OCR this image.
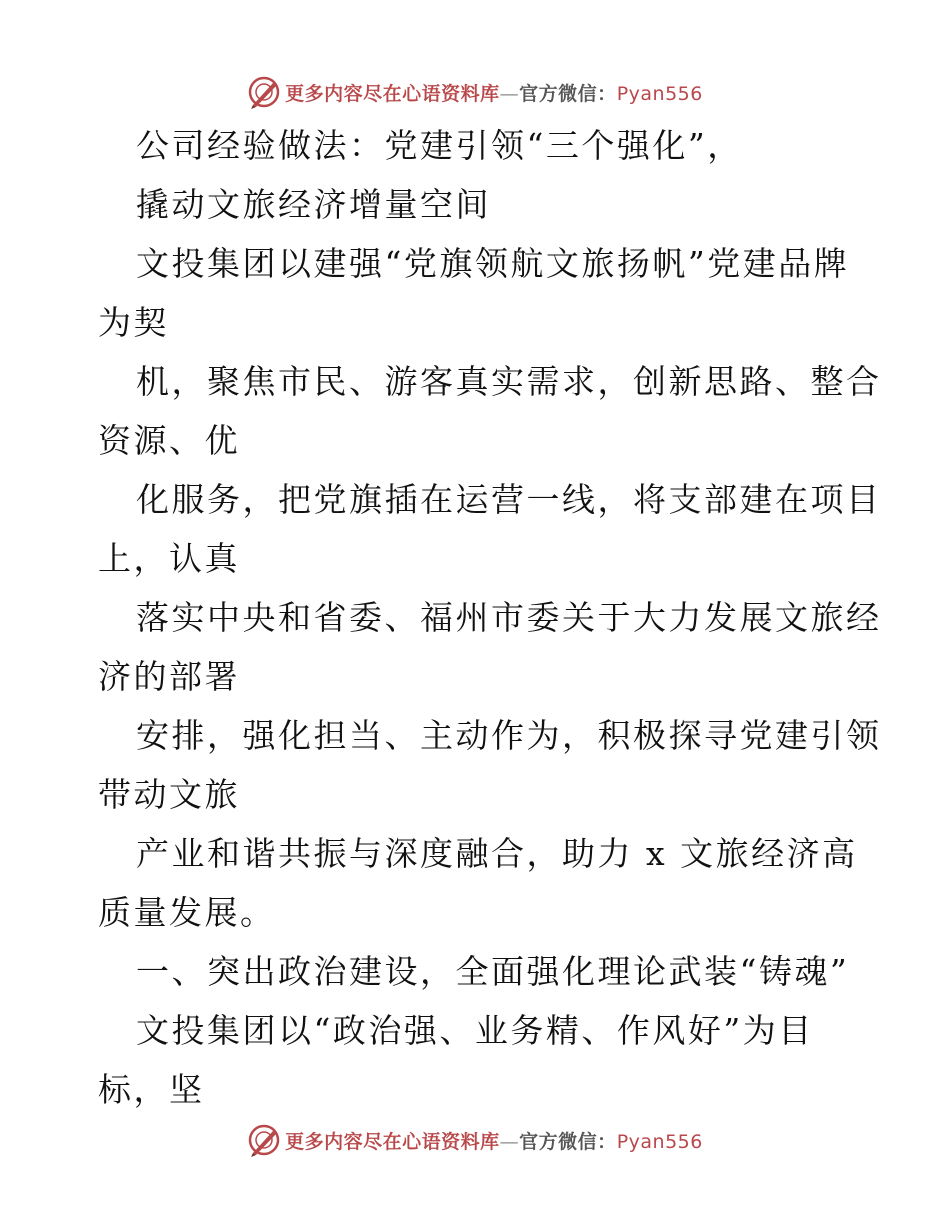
更多内容尽在心语资料库—官方微信：Pyan556
公司经验做法：党建引领“三个强化”，
撬动文旅经济增量空间
文投集团以建强“党旗领航文旅扬帆”党建品牌
为契
机，聚焦市民、游客真实需求，创新思路、整合
资源、优
化服务，把党旗插在运营一线，将支部建在项目
上，认真
落实中央和省委、福州市委关于大力发展文旅经
济的部署
安排，强化担当、主动作为，积极探寻党建引领
带动文旅
产业和谐共振与深度融合，助力 x 文旅经济高
质量发展。
一、突出政治建设，全面强化理论武装“铸魂”
文投集团以“政治强、业务精、作风好”为目
标，坚
更多内容尽在心语资料库—官方微信：Pyan556
